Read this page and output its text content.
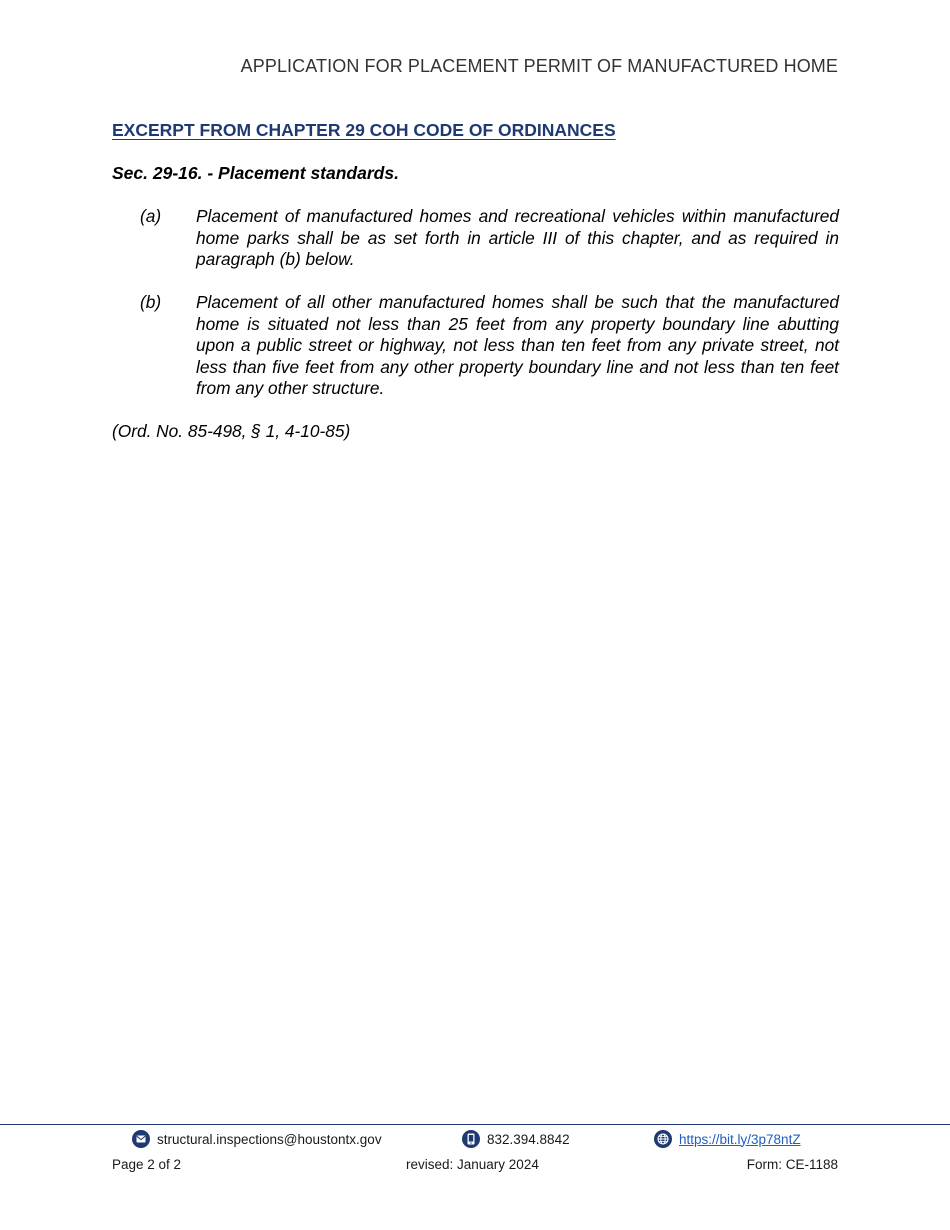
APPLICATION FOR PLACEMENT PERMIT OF MANUFACTURED HOME
EXCERPT FROM CHAPTER 29 COH CODE OF ORDINANCES
Sec. 29-16. - Placement standards.
(a)	Placement of manufactured homes and recreational vehicles within manufactured home parks shall be as set forth in article III of this chapter, and as required in paragraph (b) below.
(b)	Placement of all other manufactured homes shall be such that the manufactured home is situated not less than 25 feet from any property boundary line abutting upon a public street or highway, not less than ten feet from any private street, not less than five feet from any other property boundary line and not less than ten feet from any other structure.
(Ord. No. 85-498, § 1, 4-10-85)
structural.inspections@houstontx.gov	832.394.8842	https://bit.ly/3p78ntZ
Page 2 of 2	revised: January 2024	Form: CE-1188
